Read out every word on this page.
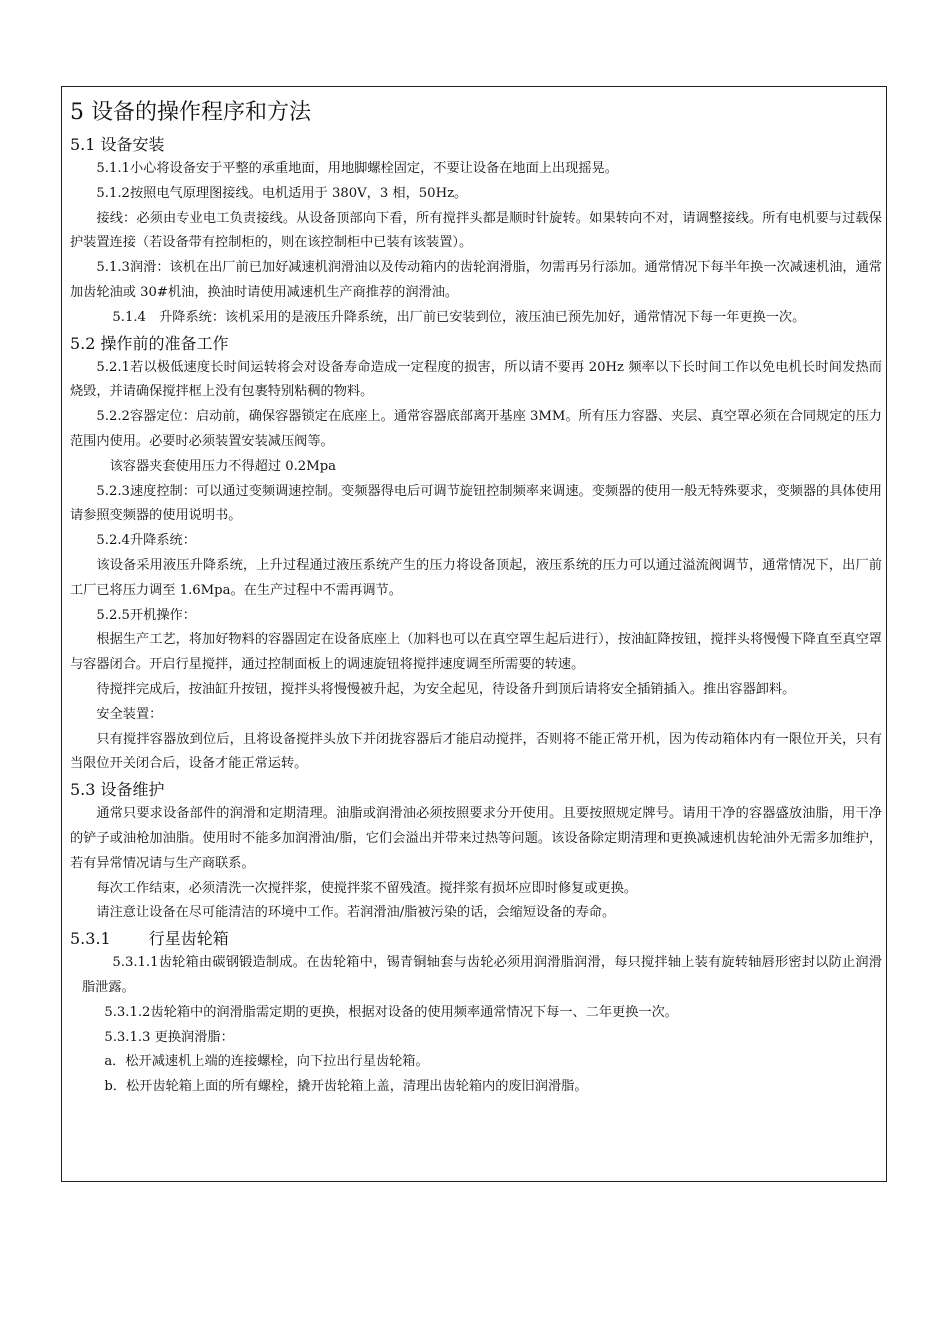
5 设备的操作程序和方法
5.1 设备安装

5.1.1小心将设备安于平整的承重地面，用地脚螺栓固定，不要让设备在地面上出现摇晃。

5.1.2按照电气原理图接线。电机适用于 380V，3 相，50Hz。

接线：必须由专业电工负责接线。从设备顶部向下看，所有搅拌头都是顺时针旋转。如果转向不对，请调整接线。所有电机要与过载保护装置连接（若设备带有控制柜的，则在该控制柜中已装有该装置）。

5.1.3润滑：该机在出厂前已加好减速机润滑油以及传动箱内的齿轮润滑脂，勿需再另行添加。通常情况下每半年换一次减速机油，通常加齿轮油或 30#机油，换油时请使用减速机生产商推荐的润滑油。

5.1.4　升降系统：该机采用的是液压升降系统，出厂前已安装到位，液压油已预先加好，通常情况下每一年更换一次。

5.2 操作前的准备工作

5.2.1若以极低速度长时间运转将会对设备寿命造成一定程度的损害，所以请不要再 20Hz 频率以下长时间工作以免电机长时间发热而烧毁，并请确保搅拌框上没有包裹特别粘稠的物料。

5.2.2容器定位：启动前，确保容器锁定在底座上。通常容器底部离开基座 3MM。所有压力容器、夹层、真空罩必须在合同规定的压力范围内使用。必要时必须装置安装减压阀等。

该容器夹套使用压力不得超过 0.2Mpa

5.2.3速度控制：可以通过变频调速控制。变频器得电后可调节旋钮控制频率来调速。变频器的使用一般无特殊要求，变频器的具体使用请参照变频器的使用说明书。

5.2.4升降系统：

该设备采用液压升降系统，上升过程通过液压系统产生的压力将设备顶起，液压系统的压力可以通过溢流阀调节，通常情况下，出厂前工厂已将压力调至 1.6Mpa。在生产过程中不需再调节。

5.2.5开机操作：

根据生产工艺，将加好物料的容器固定在设备底座上（加料也可以在真空罩生起后进行），按油缸降按钮，搅拌头将慢慢下降直至真空罩与容器闭合。开启行星搅拌，通过控制面板上的调速旋钮将搅拌速度调至所需要的转速。

待搅拌完成后，按油缸升按钮，搅拌头将慢慢被升起，为安全起见，待设备升到顶后请将安全插销插入。推出容器卸料。

安全装置：

只有搅拌容器放到位后，且将设备搅拌头放下并闭拢容器后才能启动搅拌，否则将不能正常开机，因为传动箱体内有一限位开关，只有当限位开关闭合后，设备才能正常运转。

5.3 设备维护

通常只要求设备部件的润滑和定期清理。油脂或润滑油必须按照要求分开使用。且要按照规定牌号。请用干净的容器盛放油脂，用干净的铲子或油枪加油脂。使用时不能多加润滑油/脂，它们会溢出并带来过热等问题。该设备除定期清理和更换减速机齿轮油外无需多加维护，若有异常情况请与生产商联系。

每次工作结束，必须清洗一次搅拌浆，使搅拌浆不留残渣。搅拌浆有损坏应即时修复或更换。

请注意让设备在尽可能清洁的环境中工作。若润滑油/脂被污染的话，会缩短设备的寿命。

5.3.1 行星齿轮箱

5.3.1.1齿轮箱由碳钢锻造制成。在齿轮箱中，锡青铜轴套与齿轮必须用润滑脂润滑，每只搅拌轴上装有旋转轴唇形密封以防止润滑脂泄露。

5.3.1.2齿轮箱中的润滑脂需定期的更换，根据对设备的使用频率通常情况下每一、二年更换一次。

5.3.1.3 更换润滑脂：

a．松开减速机上端的连接螺栓，向下拉出行星齿轮箱。

b．松开齿轮箱上面的所有螺栓，撬开齿轮箱上盖，清理出齿轮箱内的废旧润滑脂。
